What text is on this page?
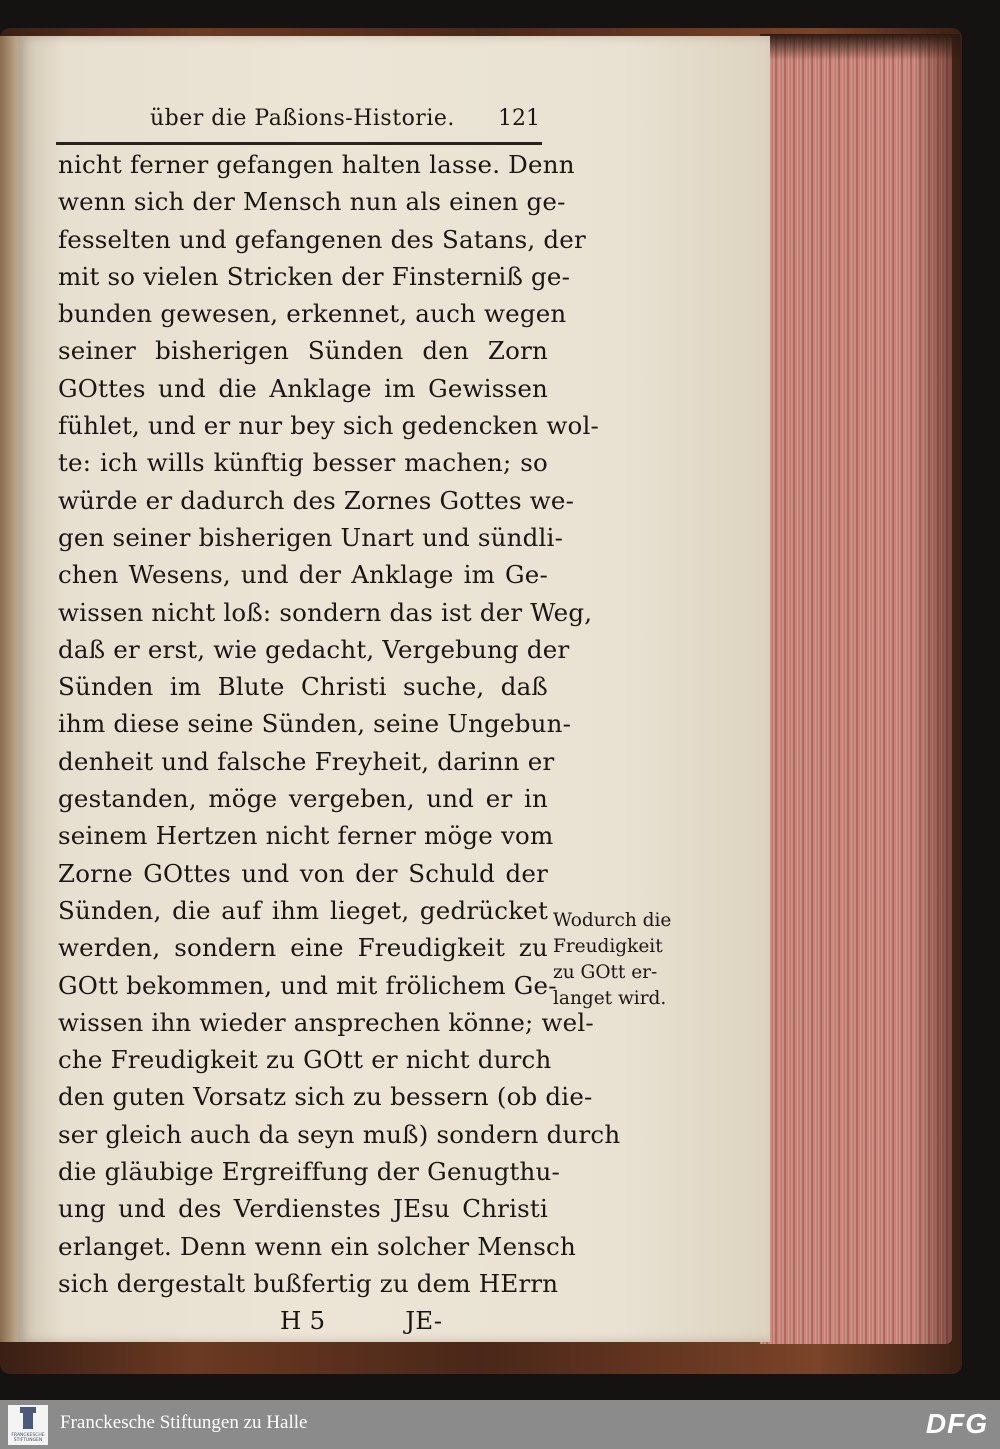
über die Paßions-Historie. 121
nicht ferner gefangen halten lasse. Denn
wenn sich der Mensch nun als einen ge-
fesselten und gefangenen des Satans, der
mit so vielen Stricken der Finsterniß ge-
bunden gewesen, erkennet, auch wegen
seiner bisherigen Sünden den Zorn
GOttes und die Anklage im Gewissen
fühlet, und er nur bey sich gedencken wol-
te: ich wills künftig besser machen; so
würde er dadurch des Zornes Gottes we-
gen seiner bisherigen Unart und sündli-
chen Wesens, und der Anklage im Ge-
wissen nicht loß: sondern das ist der Weg,
daß er erst, wie gedacht, Vergebung der
Sünden im Blute Christi suche, daß
ihm diese seine Sünden, seine Ungebun-
denheit und falsche Freyheit, darinn er
gestanden, möge vergeben, und er in
seinem Hertzen nicht ferner möge vom
Zorne GOttes und von der Schuld der
Sünden, die auf ihm lieget, gedrücket
werden, sondern eine Freudigkeit zu
GOtt bekommen, und mit frölichem Ge-
wissen ihn wieder ansprechen könne; wel-
che Freudigkeit zu GOtt er nicht durch
den guten Vorsatz sich zu bessern (ob die-
ser gleich auch da seyn muß) sondern durch
die gläubige Ergreiffung der Genugthu-
ung und des Verdienstes JEsu Christi
erlanget. Denn wenn ein solcher Mensch
sich dergestalt bußfertig zu dem HErrn
H 5          JE-
Wodurch die
Freudigkeit
zu GOtt er-
langet wird.
FRANCKESCHE
STIFTUNGEN
Franckesche Stiftungen zu Halle	DFG
